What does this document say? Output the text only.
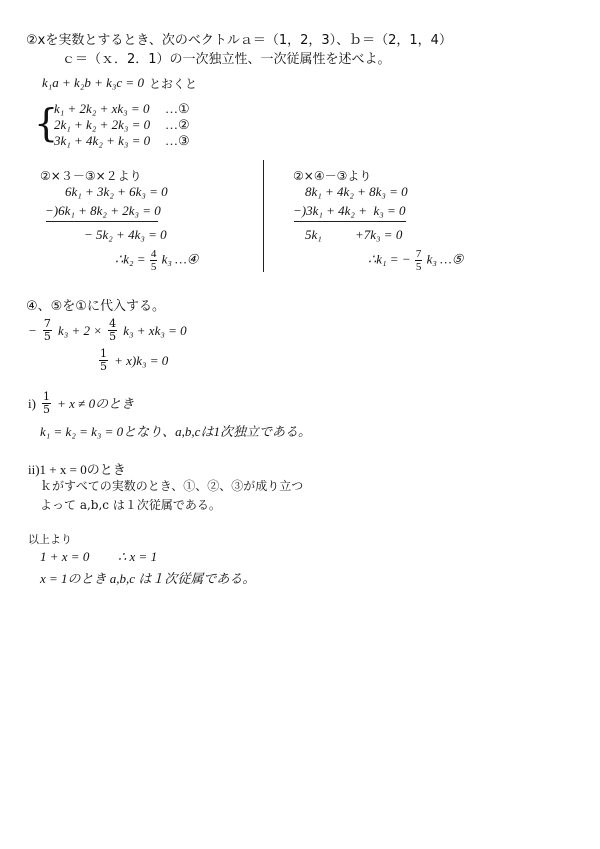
②xを実数とするとき、次のベクトルａ＝（1，2，3）、ｂ＝（2，1，4）
ｃ＝（ｘ．2．1）の一次独立性、一次従属性を述べよ。
k₁a + k₂b + k₃c = 0 とおくと
{
k₁ + 2k₂ + xk₃ = 0 …①
2k₁ + k₂ + 2k₃ = 0 …②
3k₁ + 4k₂ + k₃ = 0 …③
②×３－③×２より
6k₁ + 3k₂ + 6k₃ = 0
−)6k₁ + 8k₂ + 2k₃ = 0
− 5k₂ + 4k₃ = 0
∴k₂ = $\frac{4}{5} k_3$ …④
②×④－③より
8k₁ + 4k₂ + 8k₃ = 0
−)3k₁ + 4k₂ +  k₃ = 0
5k₁	+7k₃ = 0
∴k₁ = − $\frac{7}{5} k_3$ …⑤
④、⑤を①に代入する。
− $\frac{7}{5} k_3 + 2 \times \frac{4}{5} k_3 + xk_3 = 0$
$\frac{1}{5} + x)k_3 = 0$
$i) \frac{1}{5} + x \ne 0$のとき
k₁ = k₂ = k₃ = 0となり、a,b,cは1次独立である。
ii)1 + x = 0のとき
ｋがすべての実数のとき、①、②、③が成り立つ
よって a,b,c は１次従属である。
以上より
1 + x = 0 ∴ x = 1
x = 1のとき a,b,c は１次従属である。
